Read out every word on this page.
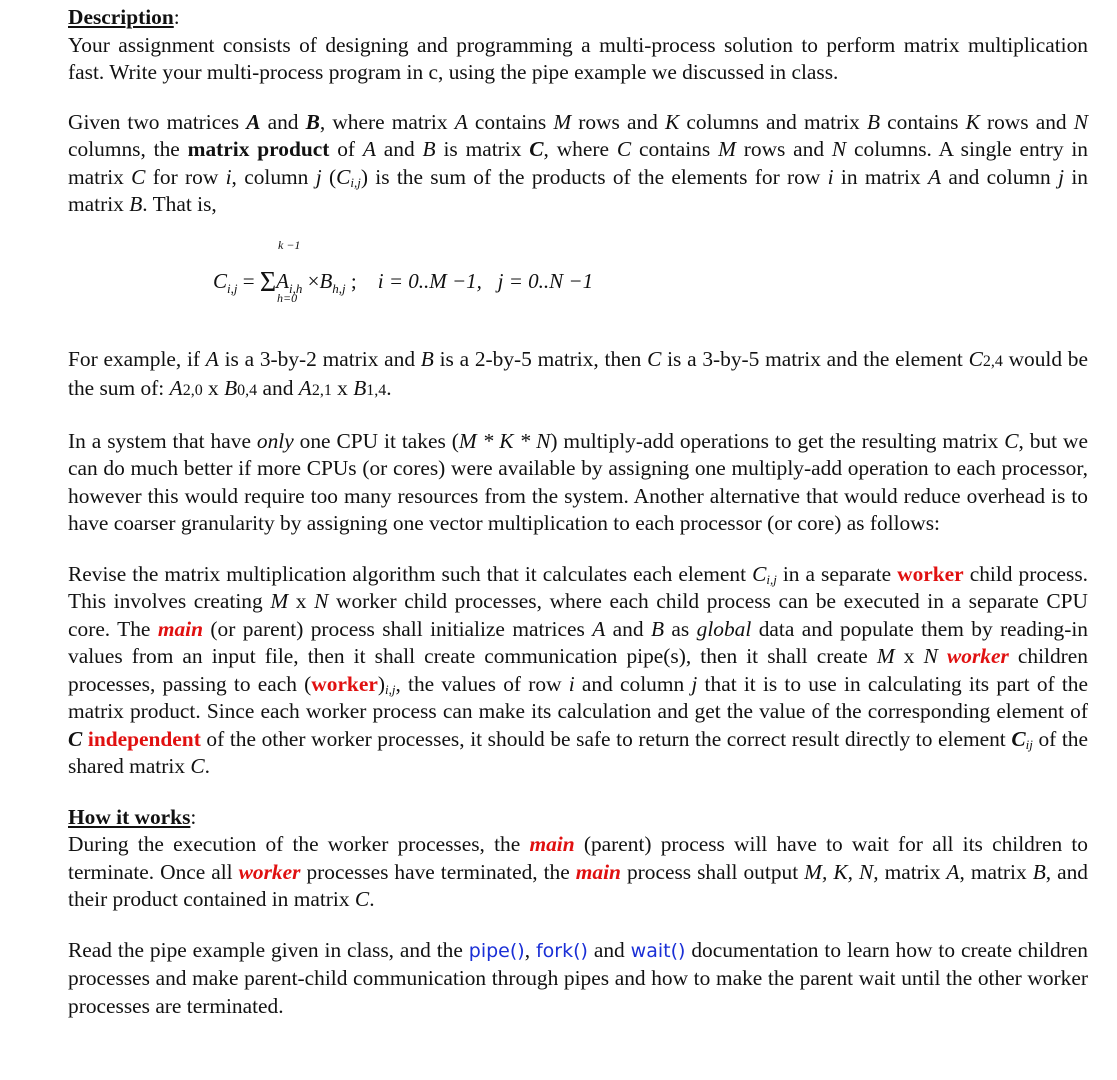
Description:

Your assignment consists of designing and programming a multi-process solution to perform matrix multiplication fast. Write your multi-process program in c, using the pipe example we discussed in class.

Given two matrices A and B, where matrix A contains M rows and K columns and matrix B contains K rows and N columns, the matrix product of A and B is matrix C, where C contains M rows and N columns. A single entry in matrix C for row i, column j $(C_{i,j})$ is the sum of the products of the elements for row i in matrix A and column j in matrix B. That is,

k −1
$C_{i,j} = \Sigma A_{i,h} \times B_{h,j}$ ; i = 0..M −1, j = 0..N −1
h=0

For example, if A is a 3-by-2 matrix and B is a 2-by-5 matrix, then C is a 3-by-5 matrix and the element C2,4 would be the sum of: A2,0 x B0,4 and A2,1 x B1,4.

In a system that have only one CPU it takes (M * K * N) multiply-add operations to get the resulting matrix C, but we can do much better if more CPUs (or cores) were available by assigning one multiply-add operation to each processor, however this would require too many resources from the system. Another alternative that would reduce overhead is to have coarser granularity by assigning one vector multiplication to each processor (or core) as follows:

Revise the matrix multiplication algorithm such that it calculates each element $C_{i,j}$ in a separate worker child process. This involves creating M x N worker child processes, where each child process can be executed in a separate CPU core. The main (or parent) process shall initialize matrices A and B as global data and populate them by reading-in values from an input file, then it shall create communication pipe(s), then it shall create M x N worker children processes, passing to each $(worker)_{i,j}$, the values of row i and column j that it is to use in calculating its part of the matrix product. Since each worker process can make its calculation and get the value of the corresponding element of C independent of the other worker processes, it should be safe to return the correct result directly to element $C_{ij}$ of the shared matrix C.

How it works:

During the execution of the worker processes, the main (parent) process will have to wait for all its children to terminate. Once all worker processes have terminated, the main process shall output M, K, N, matrix A, matrix B, and their product contained in matrix C.

Read the pipe example given in class, and the pipe(), fork() and wait() documentation to learn how to create children processes and make parent-child communication through pipes and how to make the parent wait until the other worker processes are terminated.
